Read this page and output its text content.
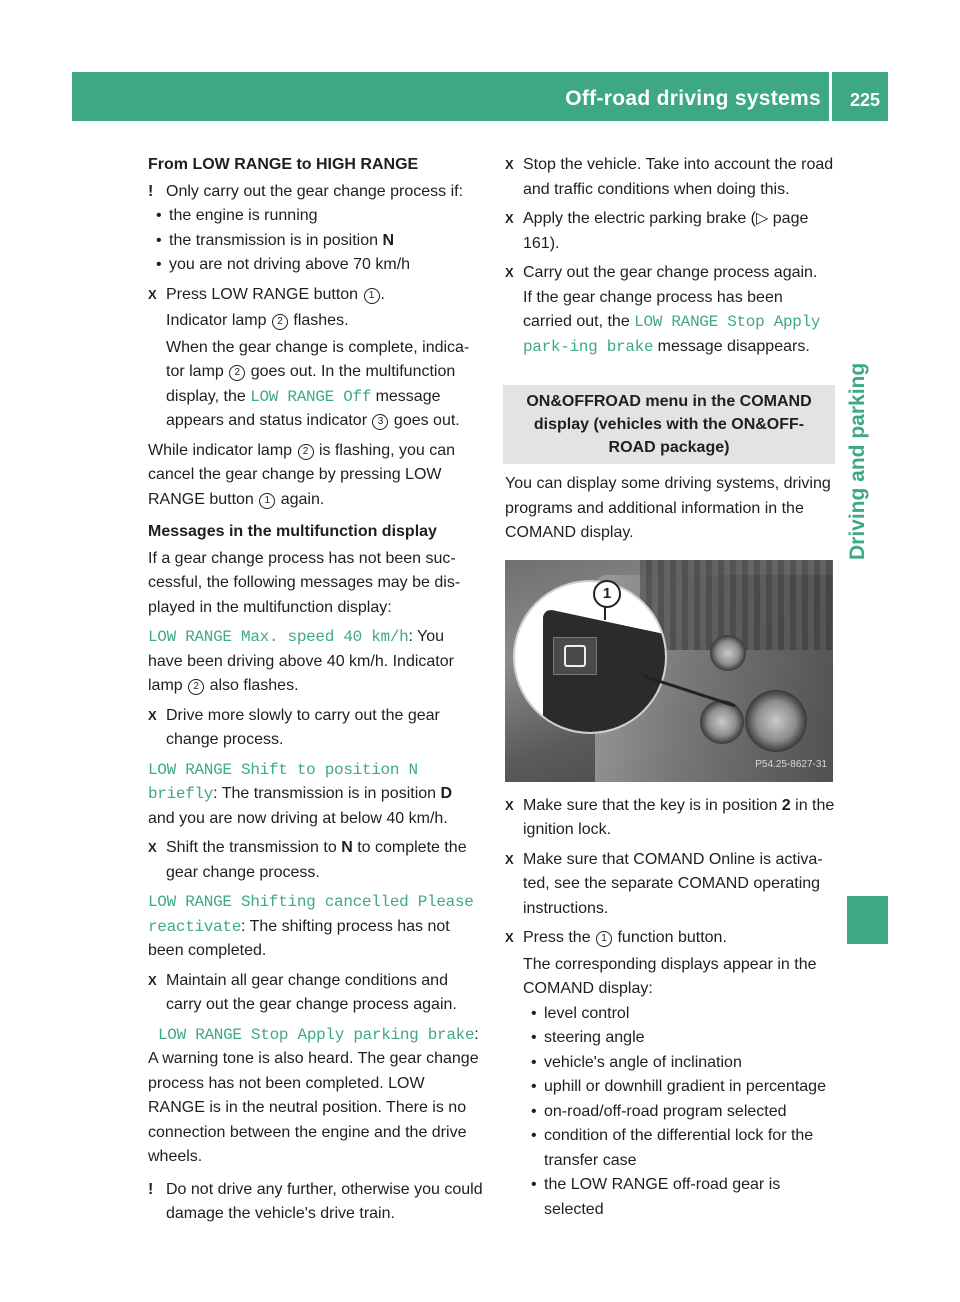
Off-road driving systems 225
Driving and parking

From LOW RANGE to HIGH RANGE

! Only carry out the gear change process if:

• the engine is running

• the transmission is in position N

• you are not driving above 70 km/h

X Press LOW RANGE button 1 .

Indicator lamp 2 flashes.

When the gear change is complete, indica-tor lamp 2 goes out. In the multifunction display, the LOW RANGE Off message appears and status indicator 3 goes out.

While indicator lamp 2 is flashing, you can cancel the gear change by pressing LOW RANGE button 1 again.

Messages in the multifunction display

If a gear change process has not been suc-cessful, the following messages may be dis-played in the multifunction display:

LOW RANGE Max. speed 40 km/h: You have been driving above 40 km/h. Indicator lamp 2 also flashes.

X Drive more slowly to carry out the gear change process.

LOW RANGE Shift to position N briefly: The transmission is in position D and you are now driving at below 40 km/h.

X Shift the transmission to N to complete the gear change process.

LOW RANGE Shifting cancelled Please reactivate: The shifting process has not been completed.

X Maintain all gear change conditions and carry out the gear change process again.

LOW RANGE Stop Apply parking brake: A warning tone is also heard. The gear change process has not been completed. LOW RANGE is in the neutral position. There is no connection between the engine and the drive wheels.

! Do not drive any further, otherwise you could damage the vehicle's drive train.

X Stop the vehicle. Take into account the road and traffic conditions when doing this.

X Apply the electric parking brake (▷ page 161).

X Carry out the gear change process again.

If the gear change process has been carried out, the LOW RANGE Stop Apply park-ing brake message disappears.

ON&OFFROAD menu in the COMAND display (vehicles with the ON&OFF-ROAD package)

You can display some driving systems, driving programs and additional information in the COMAND display.

1
P54.25-8627-31
X Make sure that the key is in position 2 in the ignition lock.

X Make sure that COMAND Online is activa-ted, see the separate COMAND operating instructions.

X Press the 1 function button.

The corresponding displays appear in the COMAND display:

• level control

• steering angle

• vehicle's angle of inclination

• uphill or downhill gradient in percentage

• on-road/off-road program selected

• condition of the differential lock for the transfer case

• the LOW RANGE off-road gear is selected
